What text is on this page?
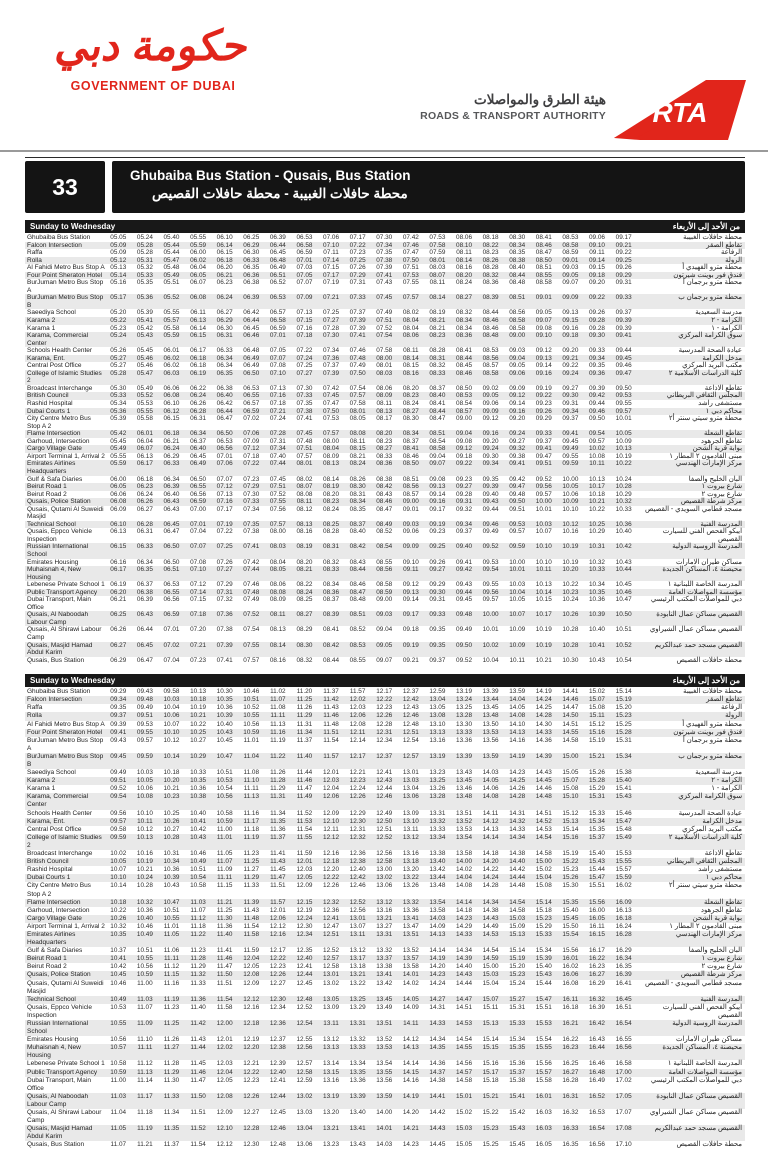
حكومة دبي
GOVERNMENT OF DUBAI
هيئة الطرق والمواصلات
ROADS & TRANSPORT AUTHORITY RTA
33	Ghubaiba Bus Station - Qusais, Bus Station
محطة حافلات الغبيبة - محطة حافلات القصيص
Sunday to Wednesday	من الأحد إلى الأربعاء
Ghubaiba Bus Station	05.05	05.24	05.40	05.55	06.10	06.25	06.39	06.53	07.06	07.17	07.30	07.42	07.53	08.06	08.18	08.30	08.41	08.53	09.06	09.17	محطة حافلات الغبيبة
Falcon Intersection	05.09	05.28	05.44	05.59	06.14	06.29	06.44	06.58	07.10	07.22	07.34	07.46	07.58	08.10	08.22	08.34	08.46	08.58	09.10	09.21	تقاطع الصقر
Raffa	05.09	05.28	05.44	06.00	06.15	06.30	06.45	06.59	07.11	07.23	07.35	07.47	07.59	08.11	08.23	08.35	08.47	08.59	09.11	09.22	الرفاعة
Rolla	05.12	05.31	05.47	06.02	06.18	06.33	06.48	07.01	07.14	07.25	07.38	07.50	08.01	08.14	08.26	08.38	08.50	09.01	09.14	09.25	الرولة
Al Fahidi Metro Bus Stop A	05.13	05.32	05.48	06.04	06.20	06.35	06.49	07.03	07.15	07.26	07.39	07.51	08.03	08.16	08.28	08.40	08.51	09.03	09.15	09.26	محطة مترو الفهيدي أ
Four Point Sheraton Hotel	05.14	05.33	05.49	06.05	06.21	06.36	06.51	07.05	07.17	07.29	07.41	07.53	08.07	08.20	08.32	08.44	08.55	09.05	09.18	09.29	فندق فور بوينت شيرتون
BurJuman Metro Bus Stop A	05.16	05.35	05.51	06.07	06.23	06.38	06.52	07.07	07.19	07.31	07.43	07.55	08.11	08.24	08.36	08.48	08.58	09.07	09.20	09.31	محطة مترو برجمان أ
BurJuman Metro Bus Stop B	05.17	05.36	05.52	06.08	06.24	06.39	06.53	07.09	07.21	07.33	07.45	07.57	08.14	08.27	08.39	08.51	09.01	09.09	09.22	09.33	محطة مترو برجمان ب
Saeediya School	05.20	05.39	05.55	06.11	06.27	06.42	06.57	07.13	07.25	07.37	07.49	08.02	08.19	08.32	08.44	08.56	09.05	09.13	09.26	09.37	مدرسة السعيدية
Karama 2	05.22	05.41	05.57	06.13	06.29	06.44	06.58	07.15	07.27	07.39	07.51	08.04	08.21	08.34	08.46	08.58	09.07	09.15	09.28	09.39	الكرامة - ٢
Karama 1	05.23	05.42	05.58	06.14	06.30	06.45	06.59	07.16	07.28	07.39	07.52	08.04	08.21	08.34	08.46	08.58	09.08	09.16	09.28	09.39	الكرامة - ١
Karama, Commercial Center	05.24	05.43	05.59	06.15	06.31	06.46	07.01	07.18	07.30	07.41	07.54	08.06	08.23	08.36	08.48	09.00	09.10	09.18	09.30	09.41	سوق الكرامة المركزي
Schools Health Center	05.26	05.45	06.01	06.17	06.33	06.48	07.05	07.22	07.34	07.46	07.58	08.11	08.28	08.41	08.53	09.03	09.12	09.20	09.33	09.44	عيادة الصحة المدرسية
Karama, Ent.	05.27	05.46	06.02	06.18	06.34	06.49	07.07	07.24	07.36	07.48	08.00	08.14	08.31	08.44	08.56	09.04	09.13	09.21	09.34	09.45	مدخل الكرامة
Central Post Office	05.27	05.46	06.02	06.18	06.34	06.49	07.08	07.25	07.37	07.49	08.01	08.15	08.32	08.45	08.57	09.05	09.14	09.22	09.35	09.46	مكتب البريد المركزي
College of Islamic Studies 2	05.28	05.47	06.03	06.19	06.35	06.50	07.10	07.27	07.39	07.50	08.03	08.16	08.33	08.46	08.58	09.06	09.16	09.24	09.36	09.47	كلية الدراسات الأسلامية ٢
Broadcast Interchange	05.30	05.49	06.06	06.22	06.38	06.53	07.13	07.30	07.42	07.54	08.06	08.20	08.37	08.50	09.02	09.09	09.19	09.27	09.39	09.50	تقاطع الاذاعة
British Council	05.33	05.52	06.08	06.24	06.40	06.55	07.16	07.33	07.45	07.57	08.09	08.23	08.40	08.53	09.05	09.12	09.22	09.30	09.42	09.53	المجلس الثقافي البريطاني
Rashid Hospital	05.34	05.53	06.10	06.26	06.42	06.57	07.18	07.35	07.47	07.58	08.11	08.24	08.41	08.54	09.06	09.14	09.23	09.31	09.44	09.55	مستشفى راشد
Dubai Courts 1	05.36	05.55	06.12	06.28	06.44	06.59	07.21	07.38	07.50	08.01	08.13	08.27	08.44	08.57	09.09	09.16	09.26	09.34	09.46	09.57	محاكم دبي ١
City Centre Metro Bus Stop A 2	05.39	05.58	06.15	06.31	06.47	07.02	07.24	07.41	07.53	08.05	08.17	08.30	08.47	09.00	09.12	09.20	09.29	09.37	09.50	10.01	محطة مترو سيتي سنتر أ٢
Flame Intersection	05.42	06.01	06.18	06.34	06.50	07.06	07.28	07.45	07.57	08.08	08.20	08.34	08.51	09.04	09.16	09.24	09.33	09.41	09.54	10.05	تقاطع الشعلة
Garhoud, Intersection	05.45	06.04	06.21	06.37	06.53	07.09	07.31	07.48	08.00	08.11	08.23	08.37	08.54	09.08	09.20	09.27	09.37	09.45	09.57	10.09	تقاطع الجرهود
Cargo Village Gate	05.49	06.07	06.24	06.40	06.56	07.12	07.34	07.51	08.04	08.15	08.27	08.41	08.58	09.12	09.24	09.32	09.41	09.49	10.02	10.13	بوابة قرية الشحن
Airport Terminal 1, Arrival 2	05.55	06.13	06.29	06.45	07.01	07.18	07.40	07.57	08.09	08.21	08.33	08.46	09.04	09.18	09.30	09.38	09.47	09.55	10.08	10.19	مبنى القادمون ٢ المطار ١
Emirates Airlines Headquarters	05.59	06.17	06.33	06.49	07.06	07.22	07.44	08.01	08.13	08.24	08.36	08.50	09.07	09.22	09.34	09.41	09.51	09.59	10.11	10.22	مركز الإمارات الهندسي
Gulf & Safa Diaries	06.00	06.18	06.34	06.50	07.07	07.23	07.45	08.02	08.14	08.26	08.38	08.51	09.08	09.23	09.35	09.42	09.52	10.00	10.13	10.24	البان الخليج والصفا
Beirut Road 1	06.05	06.23	06.39	06.55	07.12	07.29	07.51	08.07	08.19	08.30	08.42	08.56	09.13	09.27	09.39	09.47	09.56	10.05	10.17	10.28	شارع بيروت ١
Beirut Road 2	06.06	06.24	06.40	06.56	07.13	07.30	07.52	08.08	08.20	08.31	08.43	08.57	09.14	09.28	09.40	09.48	09.57	10.06	10.18	10.29	شارع بيروت ٢
Qusais, Police Station	06.08	06.26	06.43	06.59	07.16	07.33	07.55	08.11	08.23	08.34	08.46	09.00	09.16	09.31	09.43	09.50	10.00	10.09	10.21	10.32	مركز شرطة القصيص
Qusais, Qutami Al Suweidi Masjid	06.09	06.27	06.43	07.00	07.17	07.34	07.56	08.12	08.24	08.35	08.47	09.01	09.17	09.32	09.44	09.51	10.01	10.10	10.22	10.33	مسجد قطامي السويدي - القصيص
Technical School	06.10	06.28	06.45	07.01	07.19	07.35	07.57	08.13	08.25	08.37	08.49	09.03	09.19	09.34	09.46	09.53	10.03	10.12	10.25	10.36	المدرسة الفنية
Qusais, Eppco Vehicle Inspection	06.13	06.31	06.47	07.04	07.22	07.38	08.00	08.16	08.28	08.40	08.52	09.06	09.23	09.37	09.49	09.57	10.07	10.16	10.29	10.40	ايبكو الفحص الفني للسيارت القصيص
Russian International School	06.15	06.33	06.50	07.07	07.25	07.41	08.03	08.19	08.31	08.42	08.54	09.09	09.25	09.40	09.52	09.59	10.10	10.19	10.31	10.42	المدرسة الروسية الدولية
Emirates Housing	06.16	06.34	06.50	07.08	07.26	07.42	08.04	08.20	08.32	08.43	08.55	09.10	09.26	09.41	09.53	10.00	10.10	10.19	10.32	10.43	مساكن طيران الامارات
Muhaisnah 4, New Housing	06.17	06.35	06.51	07.10	07.27	07.44	08.05	08.21	08.33	08.44	08.56	09.11	09.27	09.42	09.54	10.01	10.11	10.20	10.33	10.44	محيصنة ٤، المساكن الجديدة
Lebenese Private School 1	06.19	06.37	06.53	07.12	07.29	07.46	08.06	08.22	08.34	08.46	08.58	09.12	09.29	09.43	09.55	10.03	10.13	10.22	10.34	10.45	المدرسة الخاصة اللبنانية ١
Public Transport Agency	06.20	06.38	06.55	07.14	07.31	07.48	08.08	08.24	08.36	08.47	08.59	09.13	09.30	09.44	09.56	10.04	10.14	10.23	10.35	10.46	مؤسسة المواصلات العامة
Dubai Transport, Main Office	06.21	06.39	06.56	07.15	07.32	07.49	08.09	08.25	08.37	08.48	09.00	09.14	09.31	09.45	09.57	10.05	10.15	10.24	10.36	10.47	دبي للمواصلات المكتب الرئيسي
Qusais, Al Naboodah Labour Camp	06.25	06.43	06.59	07.18	07.36	07.52	08.11	08.27	08.39	08.51	09.03	09.17	09.33	09.48	10.00	10.07	10.17	10.26	10.39	10.50	القصيص مساكن عمال النابودة
Qusais, Al Shirawi Labour Camp	06.26	06.44	07.01	07.20	07.38	07.54	08.13	08.29	08.41	08.52	09.04	09.18	09.35	09.49	10.01	10.09	10.19	10.28	10.40	10.51	القصيص مساكن عمال الشيراوي
Qusais, Masjid Hamad Abdul Karim	06.27	06.45	07.02	07.21	07.39	07.55	08.14	08.30	08.42	08.53	09.05	09.19	09.35	09.50	10.02	10.09	10.19	10.28	10.41	10.52	القصيص مسجد حمد عبدالكريم
Qusais, Bus Station	06.29	06.47	07.04	07.23	07.41	07.57	08.16	08.32	08.44	08.55	09.07	09.21	09.37	09.52	10.04	10.11	10.21	10.30	10.43	10.54	محطة حافلات القصيص
Sunday to Wednesday	من الأحد إلى الأربعاء
Ghubaiba Bus Station	09.29	09.43	09.58	10.13	10.30	10.46	11.02	11.20	11.37	11.57	12.17	12.37	12.59	13.19	13.39	13.59	14.19	14.41	15.02	15.14	محطة حافلات الغبيبة
Falcon Intersection	09.34	09.48	10.03	10.18	10.35	10.51	11.07	11.25	11.42	12.02	12.22	12.42	13.04	13.24	13.44	14.04	14.24	14.46	15.07	15.19	تقاطع الصقر
Raffa	09.35	09.49	10.04	10.19	10.36	10.52	11.08	11.26	11.43	12.03	12.23	12.43	13.05	13.25	13.45	14.05	14.25	14.47	15.08	15.20	الرفاعة
Rolla	09.37	09.51	10.06	10.21	10.39	10.55	11.11	11.29	11.46	12.06	12.26	12.46	13.08	13.28	13.48	14.08	14.28	14.50	15.11	15.23	الرولة
Al Fahidi Metro Bus Stop A	09.39	09.53	10.07	10.22	10.40	10.56	11.13	11.31	11.48	12.08	12.28	12.48	13.10	13.30	13.50	14.10	14.30	14.51	15.12	15.25	محطة مترو الفهيدي أ
Four Point Sheraton Hotel	09.41	09.55	10.10	10.25	10.43	10.59	11.16	11.34	11.51	12.11	12.31	12.51	13.13	13.33	13.53	14.13	14.33	14.55	15.16	15.28	فندق فور بوينت شيرتون
BurJuman Metro Bus Stop A	09.43	09.57	10.12	10.27	10.45	11.01	11.19	11.37	11.54	12.14	12.34	12.54	13.16	13.36	13.56	14.16	14.36	14.58	15.19	15.31	محطة مترو برجمان أ
BurJuman Metro Bus Stop B	09.45	09.59	10.14	10.29	10.47	11.04	11.22	11.40	11.57	12.17	12.37	12.57	13.19	13.39	13.59	14.19	14.39	15.00	15.21	15.34	محطة مترو برجمان ب
Saeediya School	09.49	10.03	10.18	10.33	10.51	11.08	11.26	11.44	12.01	12.21	12.41	13.01	13.23	13.43	14.03	14.23	14.43	15.05	15.26	15.38	مدرسة السعيدية
Karama 2	09.51	10.05	10.20	10.35	10.53	11.10	11.28	11.46	12.03	12.23	12.43	13.03	13.25	13.45	14.05	14.25	14.45	15.07	15.28	15.40	الكرامة - ٢
Karama 1	09.52	10.06	10.21	10.36	10.54	11.11	11.29	11.47	12.04	12.24	12.44	13.04	13.26	13.46	14.06	14.26	14.46	15.08	15.29	15.41	الكرامة - ١
Karama, Commercial Center	09.54	10.08	10.23	10.38	10.56	11.13	11.31	11.49	12.06	12.26	12.46	13.06	13.28	13.48	14.08	14.28	14.48	15.10	15.31	15.43	سوق الكرامة المركزي
Schools Health Center	09.56	10.10	10.25	10.40	10.58	11.16	11.34	11.52	12.09	12.29	12.49	13.09	13.31	13.51	14.11	14.31	14.51	15.12	15.33	15.46	عيادة الصحة المدرسية
Karama, Ent.	09.57	10.11	10.26	10.41	10.59	11.17	11.35	11.53	12.10	12.30	12.50	13.10	13.32	13.52	14.12	14.32	14.52	15.13	15.34	15.47	مدخل الكرامة
Central Post Office	09.58	10.12	10.27	10.42	11.00	11.18	11.36	11.54	12.11	12.31	12.51	13.11	13.33	13.53	14.13	14.33	14.53	15.14	15.35	15.48	مكتب البريد المركزي
College of Islamic Studies 2	09.59	10.13	10.28	10.43	11.01	11.19	11.37	11.55	12.12	12.32	12.52	13.12	13.34	13.54	14.14	14.34	14.54	15.16	15.37	15.49	كلية الدراسات الأسلامية ٢
Broadcast Interchange	10.02	10.16	10.31	10.46	11.05	11.23	11.41	11.59	12.16	12.36	12.56	13.16	13.38	13.58	14.18	14.38	14.58	15.19	15.40	15.53	تقاطع الاذاعة
British Council	10.05	10.19	10.34	10.49	11.07	11.25	11.43	12.01	12.18	12.38	12.58	13.18	13.40	14.00	14.20	14.40	15.00	15.22	15.43	15.55	المجلس الثقافي البريطاني
Rashid Hospital	10.07	10.21	10.36	10.51	11.09	11.27	11.45	12.03	12.20	12.40	13.00	13.20	13.42	14.02	14.22	14.42	15.02	15.23	15.44	15.57	مستشفى راشد
Dubai Courts 1	10.10	10.24	10.39	10.54	11.11	11.29	11.47	12.05	12.22	12.42	13.02	13.22	13.44	14.04	14.24	14.44	15.04	15.26	15.47	15.59	محاكم دبي ١
City Centre Metro Bus Stop A 2	10.14	10.28	10.43	10.58	11.15	11.33	11.51	12.09	12.26	12.46	13.06	13.26	13.48	14.08	14.28	14.48	15.08	15.30	15.51	16.02	محطة مترو سيتي سنتر أ٢
Flame Intersection	10.18	10.32	10.47	11.03	11.21	11.39	11.57	12.15	12.32	12.52	13.12	13.32	13.54	14.14	14.34	14.54	15.14	15.35	15.56	16.09	تقاطع الشعلة
Garhoud, Intersection	10.22	10.36	10.51	11.07	11.25	11.43	12.01	12.19	12.36	12.56	13.16	13.36	13.58	14.18	14.38	14.58	15.18	15.40	16.00	16.13	تقاطع الجرهود
Cargo Village Gate	10.26	10.40	10.55	11.12	11.30	11.48	12.06	12.24	12.41	13.01	13.21	13.41	14.03	14.23	14.43	15.03	15.23	15.45	16.05	16.18	بوابة قرية الشحن
Airport Terminal 1, Arrival 2	10.32	10.46	11.01	11.18	11.36	11.54	12.12	12.30	12.47	13.07	13.27	13.47	14.09	14.29	14.49	15.09	15.29	15.50	16.11	16.24	مبنى القادمون ٢ المطار ١
Emirates Airlines Headquarters	10.35	10.49	11.05	11.22	11.40	11.58	12.16	12.34	12.51	13.11	13.31	13.51	14.13	14.33	14.53	15.13	15.33	15.54	16.15	16.28	مركز الإمارات الهندسي
Gulf & Safa Diaries	10.37	10.51	11.06	11.23	11.41	11.59	12.17	12.35	12.52	13.12	13.32	13.52	14.14	14.34	14.54	15.14	15.34	15.56	16.17	16.29	البان الخليج والصفا
Beirut Road 1	10.41	10.55	11.11	11.28	11.46	12.04	12.22	12.40	12.57	13.17	13.37	13.57	14.19	14.39	14.59	15.19	15.39	16.01	16.22	16.34	شارع بيروت ١
Beirut Road 2	10.42	10.56	11.12	11.29	11.47	12.05	12.23	12.41	12.58	13.18	13.38	13.58	14.20	14.40	15.00	15.20	15.40	16.02	16.23	16.35	شارع بيروت ٢
Qusais, Police Station	10.45	10.59	11.15	11.32	11.50	12.08	12.26	12.44	13.01	13.21	13.41	14.01	14.23	14.43	15.03	15.23	15.43	16.06	16.27	16.39	مركز شرطة القصيص
Qusais, Qutami Al Suweidi Masjid	10.46	11.00	11.16	11.33	11.51	12.09	12.27	12.45	13.02	13.22	13.42	14.02	14.24	14.44	15.04	15.24	15.44	16.08	16.29	16.41	مسجد قطامي السويدي - القصيص
Technical School	10.49	11.03	11.19	11.36	11.54	12.12	12.30	12.48	13.05	13.25	13.45	14.05	14.27	14.47	15.07	15.27	15.47	16.11	16.32	16.45	المدرسة الفنية
Qusais, Eppco Vehicle Inspection	10.53	11.07	11.23	11.40	11.58	12.16	12.34	12.52	13.09	13.29	13.49	14.09	14.31	14.51	15.11	15.31	15.51	16.18	16.39	16.51	ايبكو الفحص الفني للسيارت القصيص
Russian International School	10.55	11.09	11.25	11.42	12.00	12.18	12.36	12.54	13.11	13.31	13.51	14.11	14.33	14.53	15.13	15.33	15.53	16.21	16.42	16.54	المدرسة الروسية الدولية
Emirates Housing	10.56	11.10	11.26	11.43	12.01	12.19	12.37	12.55	13.12	13.32	13.52	14.12	14.34	14.54	15.14	15.34	15.54	16.22	16.43	16.55	مساكن طيران الامارات
Muhaisnah 4, New Housing	10.57	11.11	11.27	11.44	12.02	12.20	12.38	12.56	13.13	13.33	13.53	14.13	14.35	14.55	15.15	15.35	15.55	16.23	16.44	16.56	محيصنة ٤، المساكن الجديدة
Lebenese Private School 1	10.58	11.12	11.28	11.45	12.03	12.21	12.39	12.57	13.14	13.34	13.54	14.14	14.36	14.56	15.16	15.36	15.56	16.25	16.46	16.58	المدرسة الخاصة اللبنانية ١
Public Transport Agency	10.59	11.13	11.29	11.46	12.04	12.22	12.40	12.58	13.15	13.35	13.55	14.15	14.37	14.57	15.17	15.37	15.57	16.27	16.48	17.00	مؤسسة المواصلات العامة
Dubai Transport, Main Office	11.00	11.14	11.30	11.47	12.05	12.23	12.41	12.59	13.16	13.36	13.56	14.16	14.38	14.58	15.18	15.38	15.58	16.28	16.49	17.02	دبي للمواصلات المكتب الرئيسي
Qusais, Al Naboodah Labour Camp	11.03	11.17	11.33	11.50	12.08	12.26	12.44	13.02	13.19	13.39	13.59	14.19	14.41	15.01	15.21	15.41	16.01	16.31	16.52	17.05	القصيص مساكن عمال النابودة
Qusais, Al Shirawi Labour Camp	11.04	11.18	11.34	11.51	12.09	12.27	12.45	13.03	13.20	13.40	14.00	14.20	14.42	15.02	15.22	15.42	16.03	16.32	16.53	17.07	القصيص مساكن عمال الشيراوي
Qusais, Masjid Hamad Abdul Karim	11.05	11.19	11.35	11.52	12.10	12.28	12.46	13.04	13.21	13.41	14.01	14.21	14.43	15.03	15.23	15.43	16.03	16.33	16.54	17.08	القصيص مسجد حمد عبدالكريم
Qusais, Bus Station	11.07	11.21	11.37	11.54	12.12	12.30	12.48	13.06	13.23	13.43	14.03	14.23	14.45	15.05	15.25	15.45	16.05	16.35	16.56	17.10	محطة حافلات القصيص
